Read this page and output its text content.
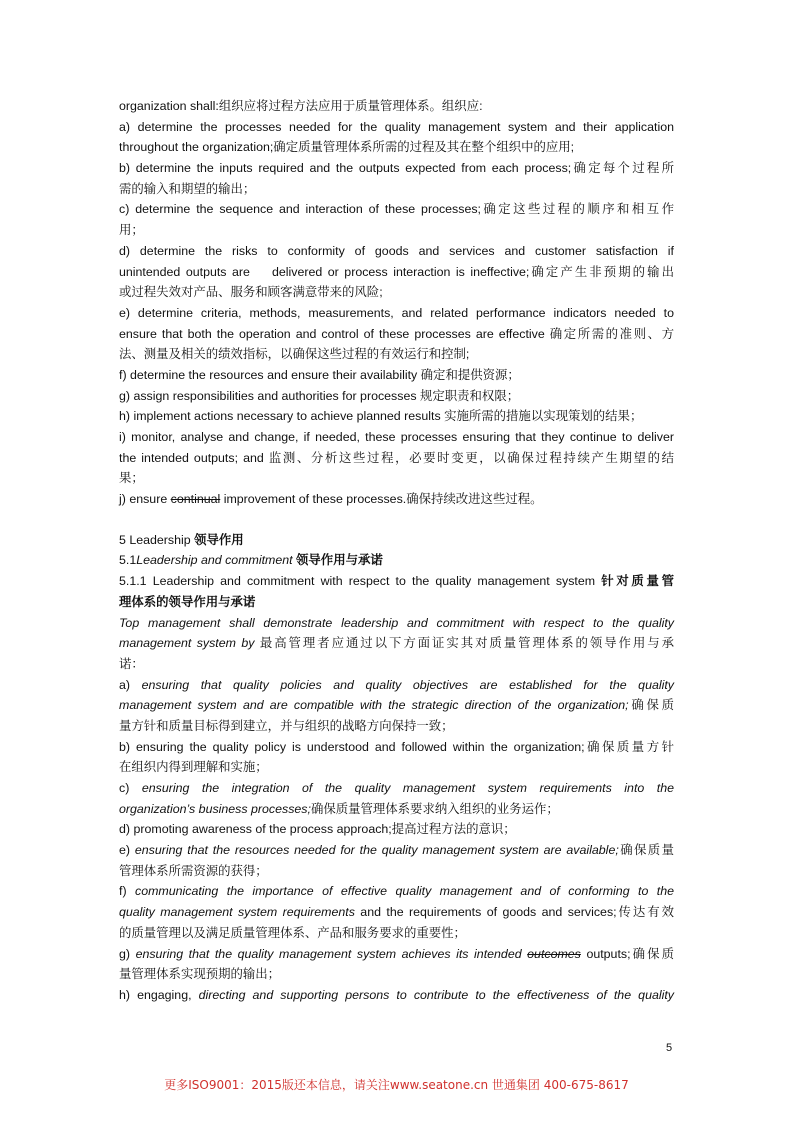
organization shall:组织应将过程方法应用于质量管理体系。组织应:
a) determine the processes needed for the quality management system and their application
throughout the organization;确定质量管理体系所需的过程及其在整个组织中的应用;
b) determine the inputs required and the outputs expected from each process;确定每个过程所
需的输入和期望的输出；
c) determine the sequence and interaction of these processes;确定这些过程的顺序和相互作
用；
d) determine the risks to conformity of goods and services and customer satisfaction if
unintended outputs are    delivered or process interaction is ineffective;确定产生非预期的输出
或过程失效对产品、服务和顾客满意带来的风险;
e) determine criteria, methods, measurements, and related performance indicators needed to
ensure that both the operation and control of these processes are effective 确定所需的准则、方
法、测量及相关的绩效指标，以确保这些过程的有效运行和控制;
f) determine the resources and ensure their availability 确定和提供资源；
g) assign responsibilities and authorities for processes 规定职责和权限；
h) implement actions necessary to achieve planned results 实施所需的措施以实现策划的结果；
i) monitor, analyse and change, if needed, these processes ensuring that they continue to deliver
the intended outputs; and 监测、分析这些过程，必要时变更，以确保过程持续产生期望的结
果；
j) ensure continual improvement of these processes.确保持续改进这些过程。
5 Leadership 领导作用
5.1Leadership and commitment 领导作用与承诺
5.1.1 Leadership and commitment with respect to the quality management system 针对质量管
理体系的领导作用与承诺
Top management shall demonstrate leadership and commitment with respect to the quality
management system by 最高管理者应通过以下方面证实其对质量管理体系的领导作用与承
诺：
a) ensuring that quality policies and quality objectives are established for the quality
management system and are compatible with the strategic direction of the organization;确保质
量方针和质量目标得到建立，并与组织的战略方向保持一致；
b) ensuring the quality policy is understood and followed within the organization;确保质量方针
在组织内得到理解和实施；
c) ensuring the integration of the quality management system requirements into the
organization’s business processes;确保质量管理体系要求纳入组织的业务运作；
d) promoting awareness of the process approach;提高过程方法的意识；
e) ensuring that the resources needed for the quality management system are available;确保质量
管理体系所需资源的获得；
f) communicating the importance of effective quality management and of conforming to the
quality management system requirements and the requirements of goods and services;传达有效
的质量管理以及满足质量管理体系、产品和服务要求的重要性；
g) ensuring that the quality management system achieves its intended outcomes outputs;确保质
量管理体系实现预期的输出；
h) engaging, directing and supporting persons to contribute to the effectiveness of the quality
5
更多ISO9001：2015版还本信息，请关注www.seatone.cn 世通集团 400-675-8617
